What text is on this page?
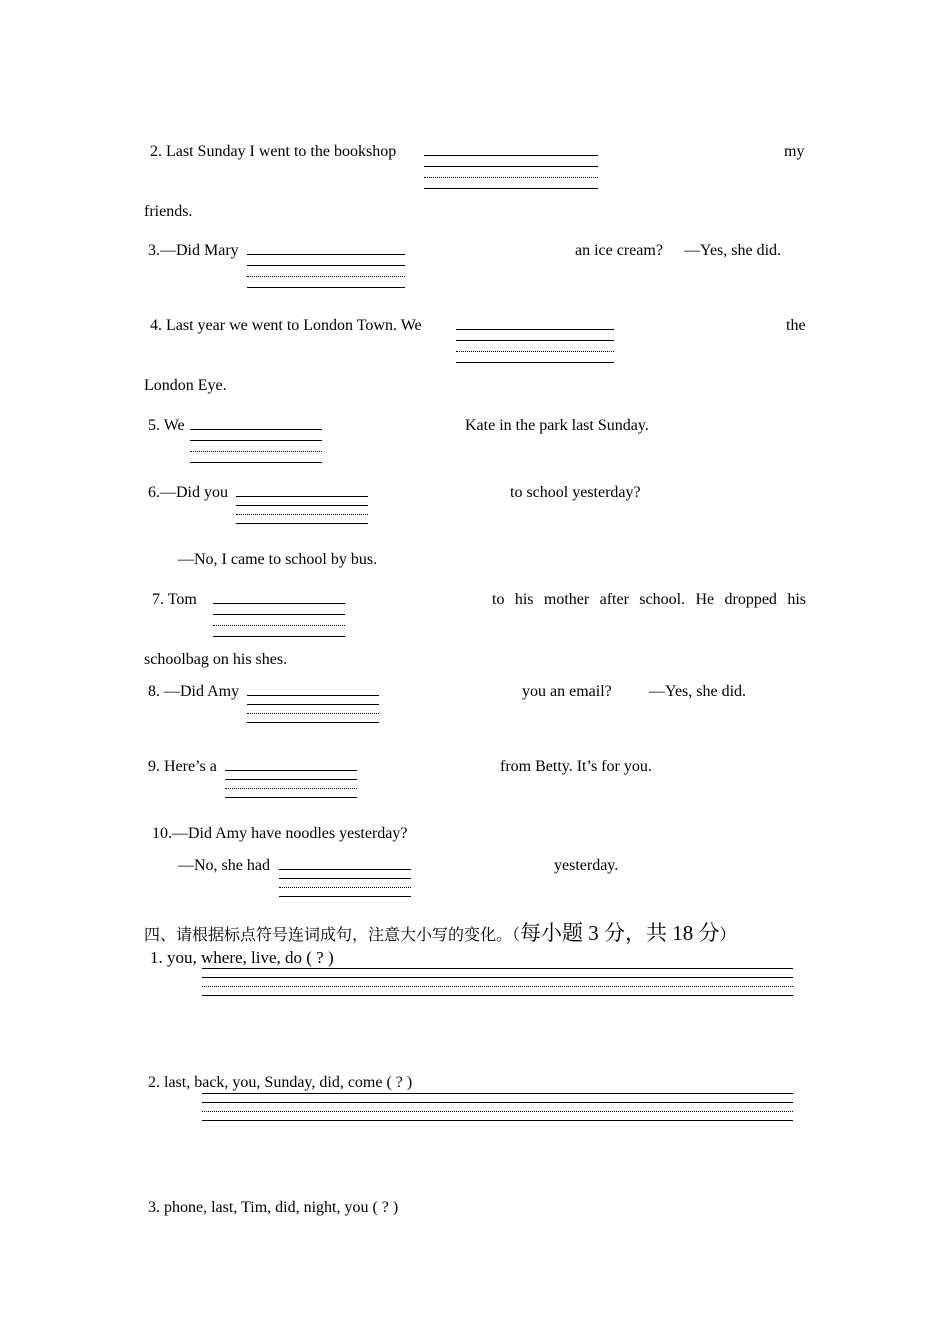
2. Last Sunday I went to the bookshop	my
friends.
3.—Did Mary	an ice cream? —Yes, she did.
4. Last year we went to London Town. We	the
London Eye.
5. We	Kate in the park last Sunday.
6.—Did you	to school yesterday?
—No, I came to school by bus.
7. Tom	to his mother after school. He dropped his
schoolbag on his shes.
8. —Did Amy	you an email? —Yes, she did.
9. Here’s a	from Betty. It’s for you.
10.—Did Amy have noodles yesterday?
—No, she had	yesterday.
四、请根据标点符号连词成句，注意大小写的变化。（每小题 3 分，共 18 分）
1. you, where, live, do ( ? )
2. last, back, you, Sunday, did, come ( ? )
3. phone, last, Tim, did, night, you ( ? )
